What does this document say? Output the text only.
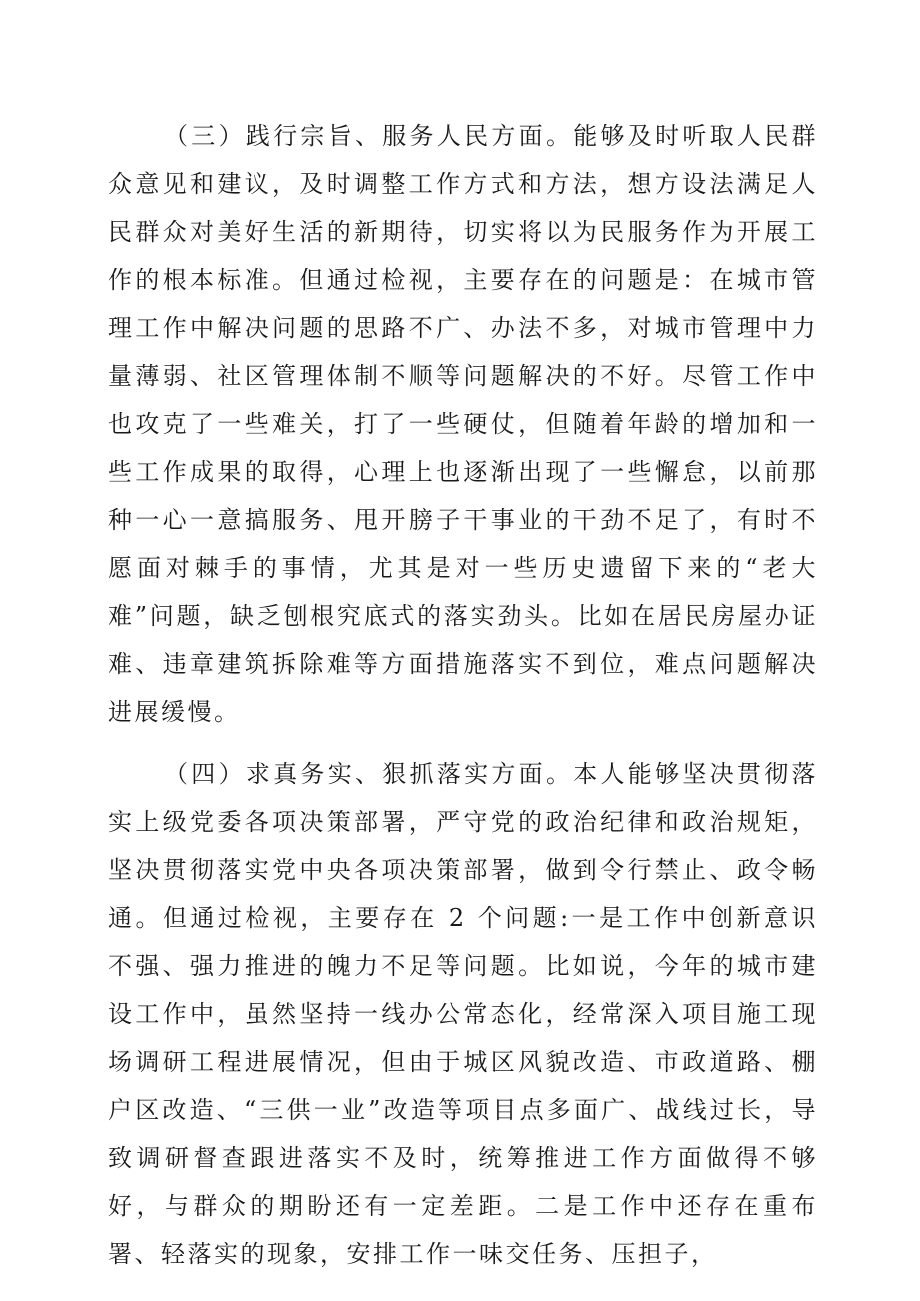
（三）践行宗旨、服务人民方面。能够及时听取人民群众意见和建议，及时调整工作方式和方法，想方设法满足人民群众对美好生活的新期待，切实将以为民服务作为开展工作的根本标准。但通过检视，主要存在的问题是：在城市管理工作中解决问题的思路不广、办法不多，对城市管理中力量薄弱、社区管理体制不顺等问题解决的不好。尽管工作中也攻克了一些难关，打了一些硬仗，但随着年龄的增加和一些工作成果的取得，心理上也逐渐出现了一些懈怠，以前那种一心一意搞服务、甩开膀子干事业的干劲不足了，有时不愿面对棘手的事情，尤其是对一些历史遗留下来的“老大难”问题，缺乏刨根究底式的落实劲头。比如在居民房屋办证难、违章建筑拆除难等方面措施落实不到位，难点问题解决进展缓慢。

（四）求真务实、狠抓落实方面。本人能够坚决贯彻落实上级党委各项决策部署，严守党的政治纪律和政治规矩，坚决贯彻落实党中央各项决策部署，做到令行禁止、政令畅通。但通过检视，主要存在 2 个问题:一是工作中创新意识不强、强力推进的魄力不足等问题。比如说，今年的城市建设工作中，虽然坚持一线办公常态化，经常深入项目施工现场调研工程进展情况，但由于城区风貌改造、市政道路、棚户区改造、“三供一业”改造等项目点多面广、战线过长，导致调研督查跟进落实不及时，统筹推进工作方面做得不够好，与群众的期盼还有一定差距。二是工作中还存在重布署、轻落实的现象，安排工作一味交任务、压担子，
